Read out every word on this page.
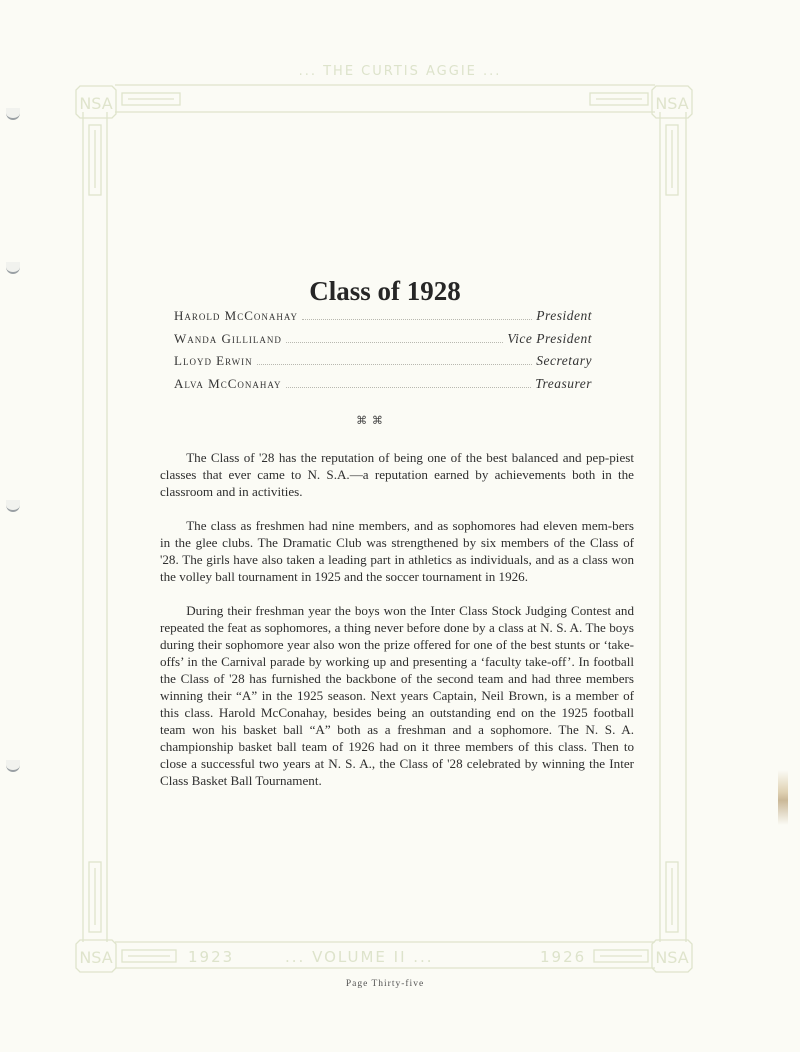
NSA	NSA
NSA	NSA
... THE CURTIS AGGIE ...
1923	... VOLUME II ...	1926
Class of 1928
Harold McConahay	President
Wanda Gilliland	Vice President
Lloyd Erwin	Secretary
Alva McConahay	Treasurer
⌘ ⌘

The Class of '28 has the reputation of being one of the best balanced and pep-piest classes that ever came to N. S.A.—a reputation earned by achievements both in the classroom and in activities.

The class as freshmen had nine members, and as sophomores had eleven mem-bers in the glee clubs. The Dramatic Club was strengthened by six members of the Class of '28. The girls have also taken a leading part in athletics as individuals, and as a class won the volley ball tournament in 1925 and the soccer tournament in 1926.

During their freshman year the boys won the Inter Class Stock Judging Contest and repeated the feat as sophomores, a thing never before done by a class at N. S. A. The boys during their sophomore year also won the prize offered for one of the best stunts or ‘take-offs’ in the Carnival parade by working up and presenting a ‘faculty take-off’. In football the Class of '28 has furnished the backbone of the second team and had three members winning their “A” in the 1925 season. Next years Captain, Neil Brown, is a member of this class. Harold McConahay, besides being an outstanding end on the 1925 football team won his basket ball “A” both as a freshman and a sophomore. The N. S. A. championship basket ball team of 1926 had on it three members of this class. Then to close a successful two years at N. S. A., the Class of '28 celebrated by winning the Inter Class Basket Ball Tournament.

Page Thirty-five
